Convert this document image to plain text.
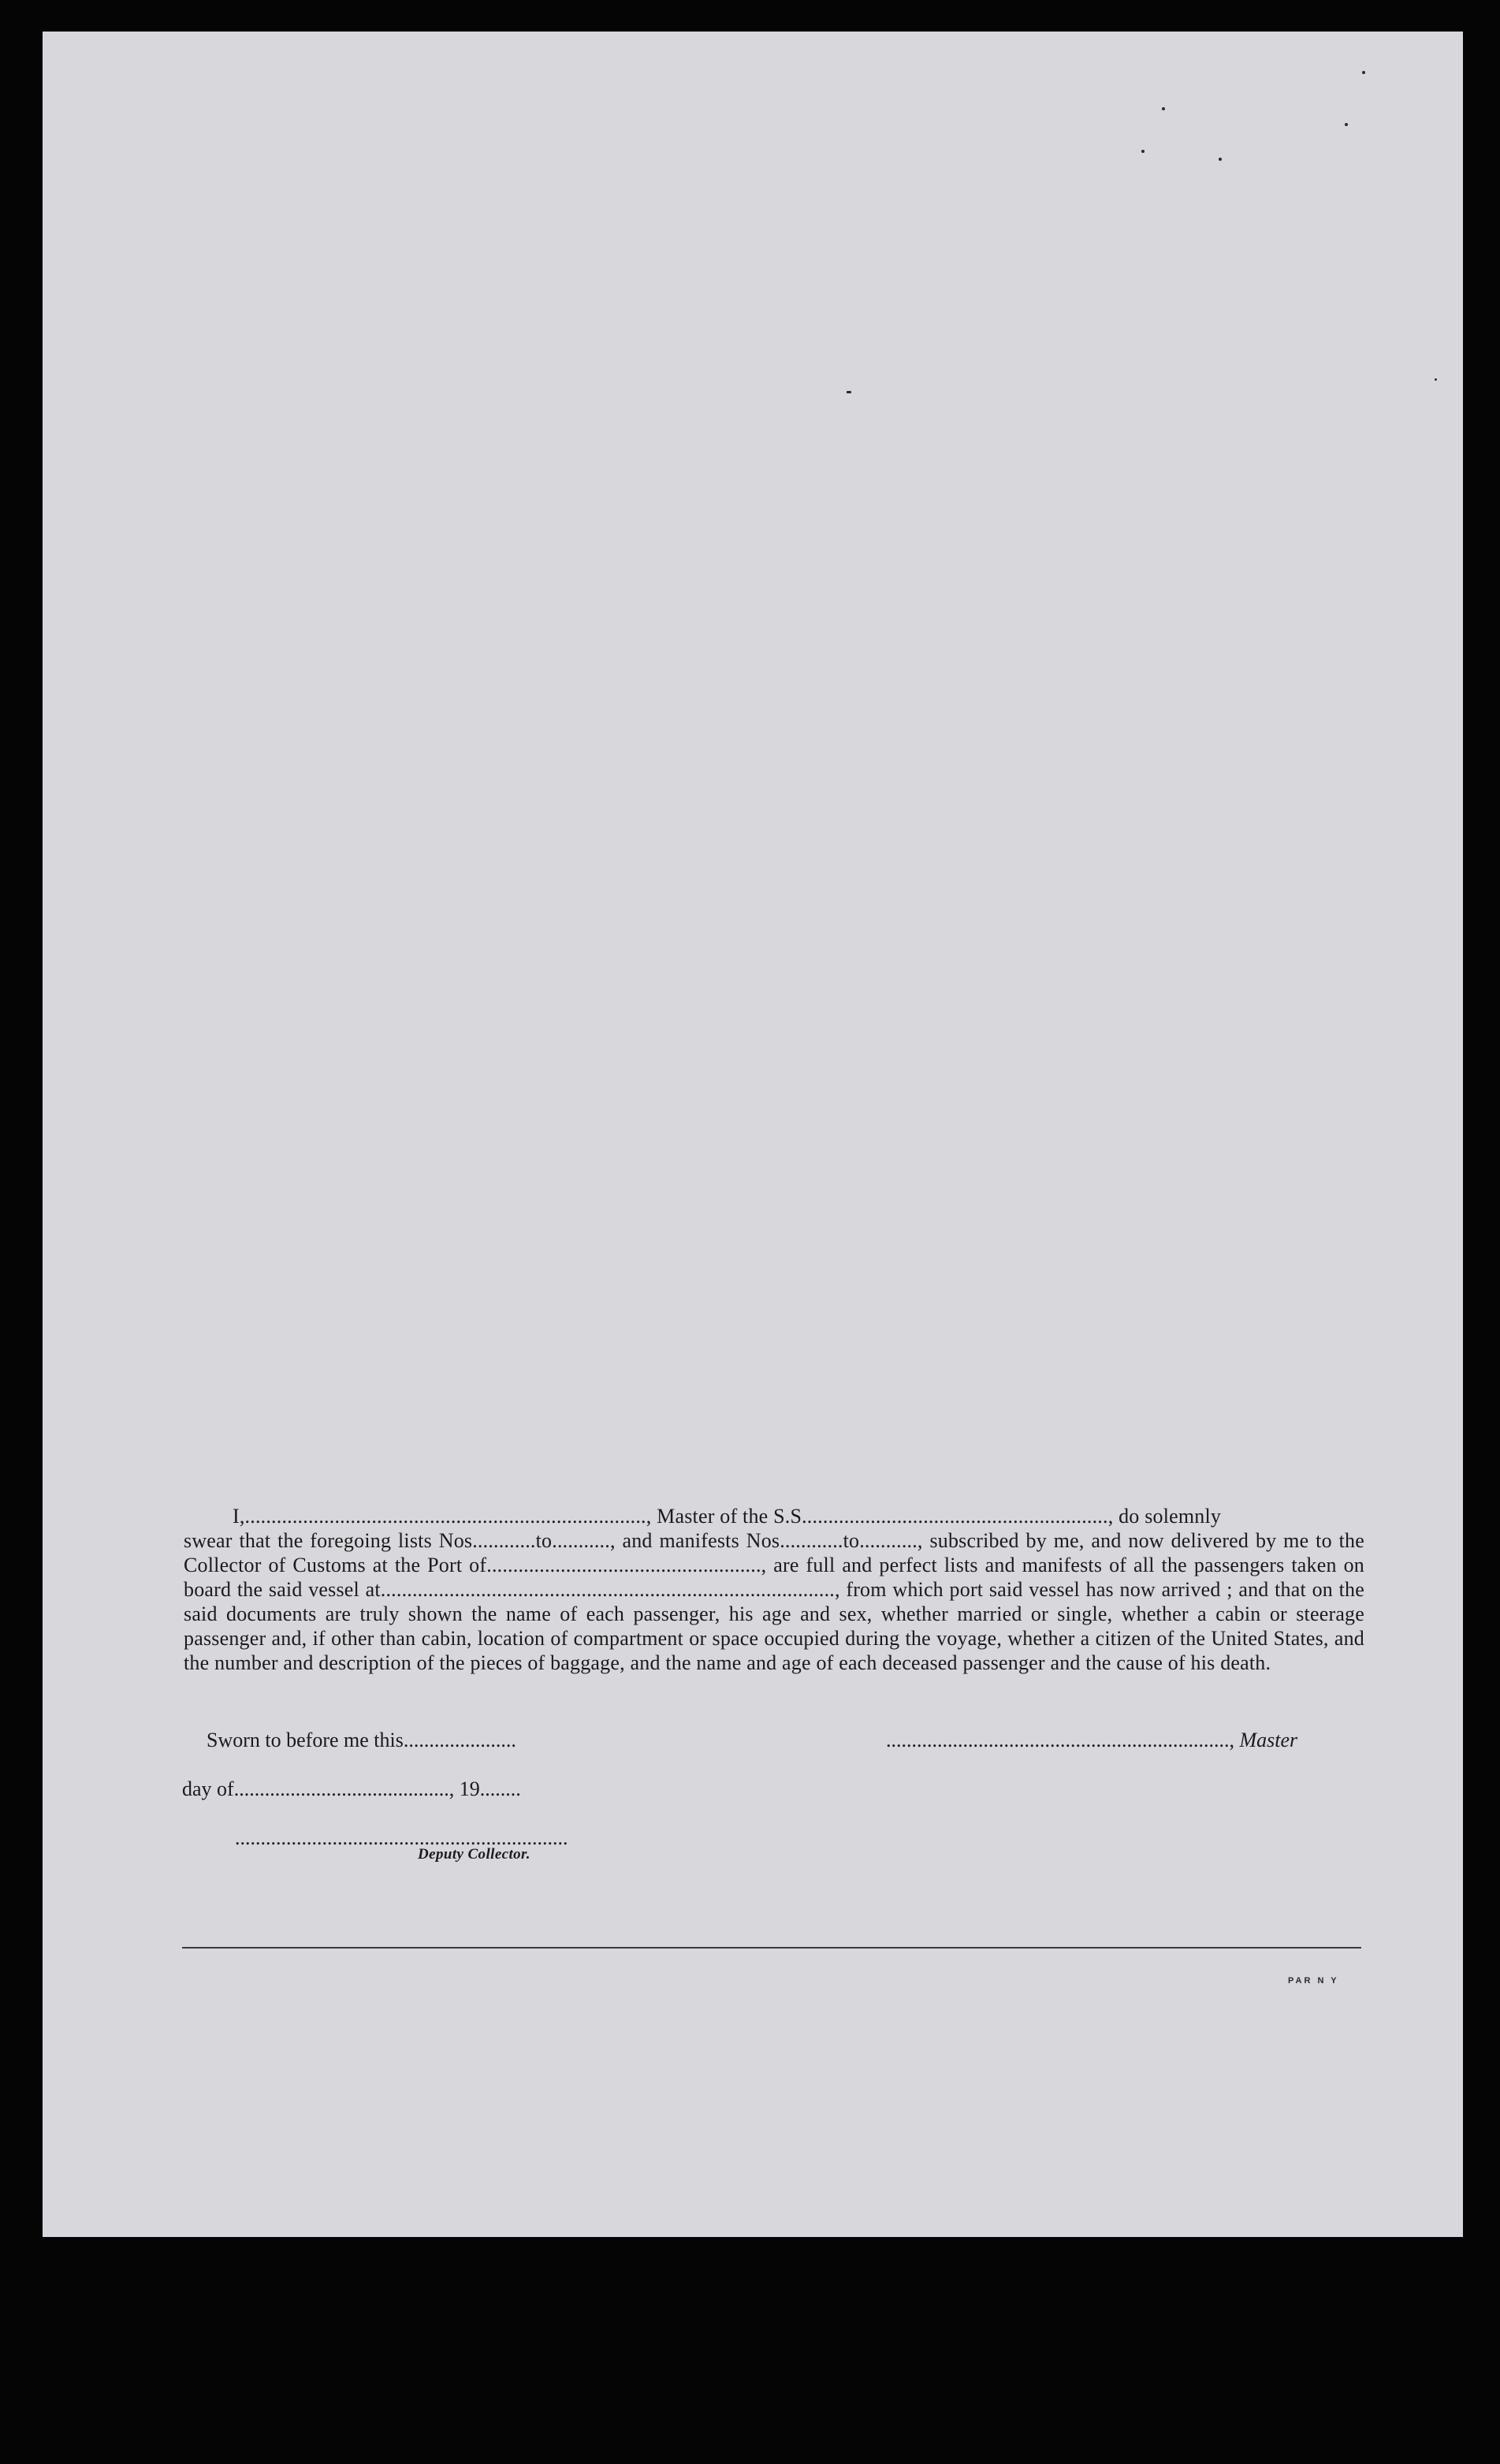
I,............................................................................, Master of the S.S.........................................................., do solemnly

swear that the foregoing lists Nos............to..........., and manifests Nos............to..........., subscribed by me, and now delivered by me to the Collector of Customs at the Port of...................................................., are full and perfect lists and manifests of all the passengers taken on board the said vessel at......................................................................................, from which port said vessel has now arrived ; and that on the said documents are truly shown the name of each passenger, his age and sex, whether married or single, whether a cabin or steerage passenger and, if other than cabin, location of compartment or space occupied during the voyage, whether a citizen of the United States, and the number and description of the pieces of baggage, and the name and age of each deceased passenger and the cause of his death.

Sworn to before me this......................	..................................................................., Master
day of.........................................., 19........
.................................................................
Deputy Collector.
PAR N Y
